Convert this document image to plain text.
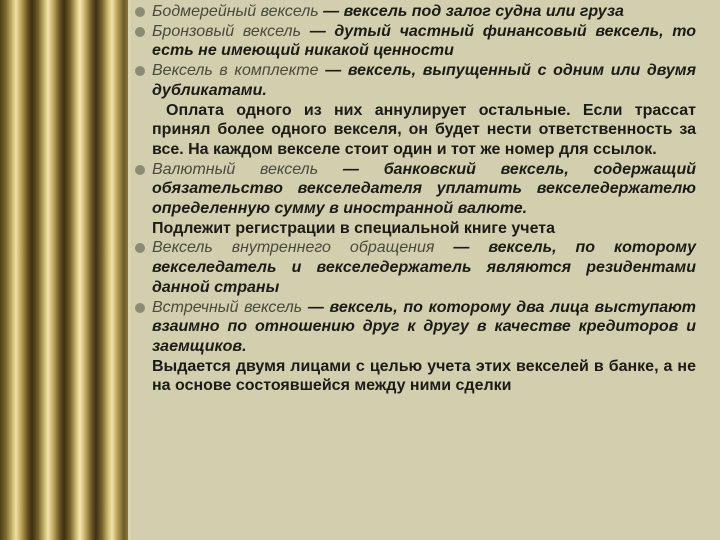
Бодмерейный вексель — вексель под залог судна или груза
Бронзовый вексель — дутый частный финансовый вексель, то есть не имеющий никакой ценности
Вексель в комплекте — вексель, выпущенный с одним или двумя дубликатами.

Оплата одного из них аннулирует остальные. Если трассат принял более одного векселя, он будет нести ответственность за все. На каждом векселе стоит один и тот же номер для ссылок.

Валютный вексель — банковский вексель, содержащий обязательство векселедателя уплатить векселедержателю определенную сумму в иностранной валюте.

Подлежит регистрации в специальной книге учета

Вексель внутреннего обращения — вексель, по которому векселедатель и векселедержатель являются резидентами данной страны
Встречный вексель — вексель, по которому два лица выступают взаимно по отношению друг к другу в качестве кредиторов и заемщиков.

Выдается двумя лицами с целью учета этих векселей в банке, а не на основе состоявшейся между ними сделки
